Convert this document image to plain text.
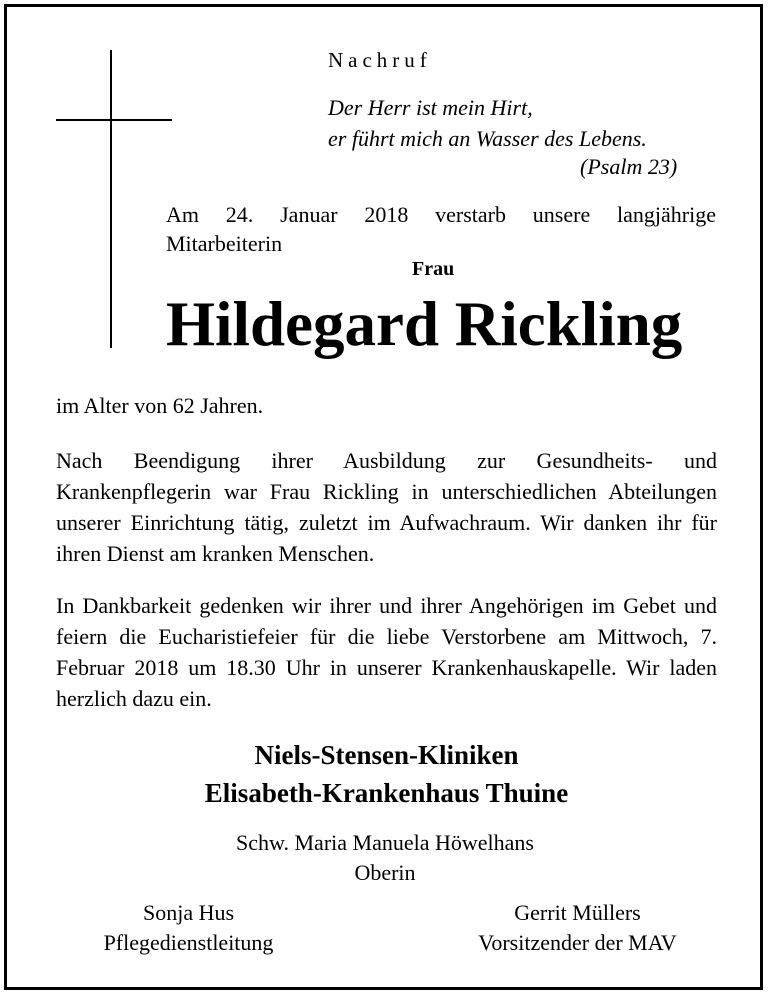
Nachruf
Der Herr ist mein Hirt,
er führt mich an Wasser des Lebens.
(Psalm 23)
Am 24. Januar 2018 verstarb unsere langjährige
Mitarbeiterin
Frau
Hildegard Rickling
im Alter von 62 Jahren.
Nach Beendigung ihrer Ausbildung zur Gesundheits- und Krankenpflegerin war Frau Rickling in unterschiedlichen Abteilungen unserer Einrichtung tätig, zuletzt im Aufwachraum. Wir danken ihr für ihren Dienst am kranken Menschen.
In Dankbarkeit gedenken wir ihrer und ihrer Angehörigen im Gebet und feiern die Eucharistiefeier für die liebe Verstorbene am Mittwoch, 7. Februar 2018 um 18.30 Uhr in unserer Krankenhauskapelle. Wir laden herzlich dazu ein.
Niels-Stensen-Kliniken
Elisabeth-Krankenhaus Thuine
Schw. Maria Manuela Höwelhans
Oberin
Sonja Hus
Pflegedienstleitung
Gerrit Müllers
Vorsitzender der MAV
